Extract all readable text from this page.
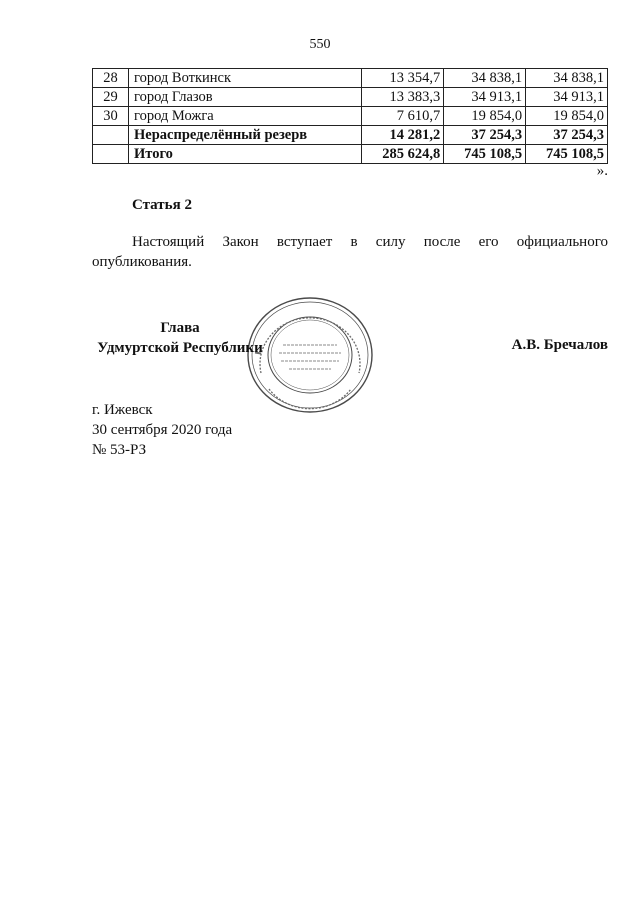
550
28	город Воткинск	13 354,7	34 838,1	34 838,1
29	город Глазов	13 383,3	34 913,1	34 913,1
30	город Можга	7 610,7	19 854,0	19 854,0
	Нераспределённый резерв	14 281,2	37 254,3	37 254,3
	Итого	285 624,8	745 108,5	745 108,5
».
Статья 2
Настоящий Закон вступает в силу после его официального
опубликования.
Глава
Удмуртской Республики	А.В. Бречалов
г. Ижевск
30 сентября 2020 года
№ 53-РЗ
